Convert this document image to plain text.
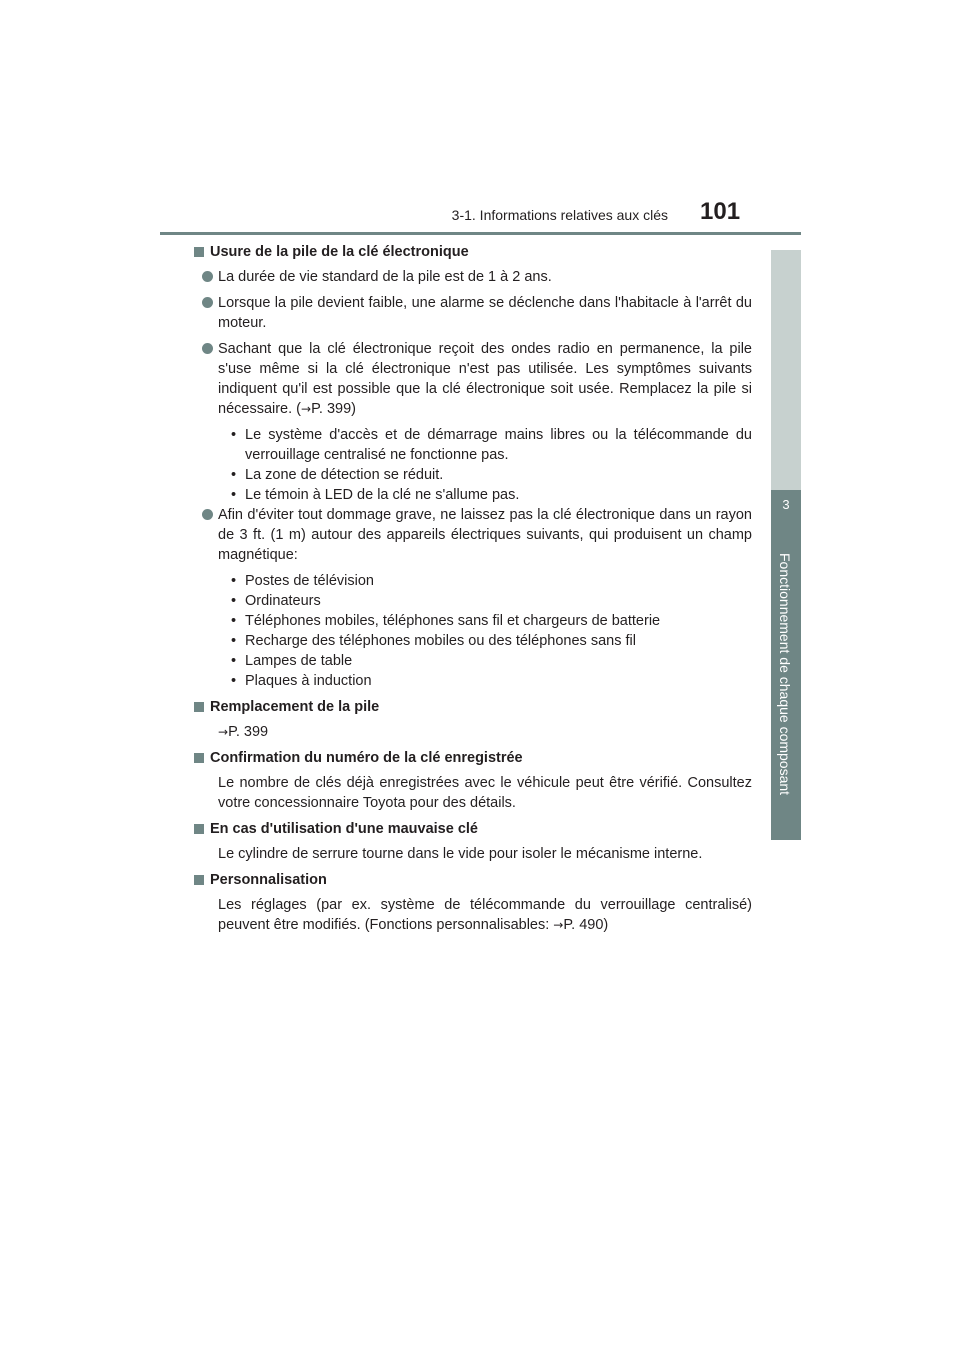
3-1. Informations relatives aux clés 101
3
Fonctionnement de chaque composant
Usure de la pile de la clé électronique
La durée de vie standard de la pile est de 1 à 2 ans.
Lorsque la pile devient faible, une alarme se déclenche dans l'habitacle à l'arrêt du moteur.
Sachant que la clé électronique reçoit des ondes radio en permanence, la pile s'use même si la clé électronique n'est pas utilisée. Les symptômes suivants indiquent qu'il est possible que la clé électronique soit usée. Remplacez la pile si nécessaire. (→P. 399)
• Le système d'accès et de démarrage mains libres ou la télécommande du verrouillage centralisé ne fonctionne pas.
• La zone de détection se réduit.
• Le témoin à LED de la clé ne s'allume pas.
Afin d'éviter tout dommage grave, ne laissez pas la clé électronique dans un rayon de 3 ft. (1 m) autour des appareils électriques suivants, qui produisent un champ magnétique:
• Postes de télévision
• Ordinateurs
• Téléphones mobiles, téléphones sans fil et chargeurs de batterie
• Recharge des téléphones mobiles ou des téléphones sans fil
• Lampes de table
• Plaques à induction
Remplacement de la pile
→P. 399
Confirmation du numéro de la clé enregistrée
Le nombre de clés déjà enregistrées avec le véhicule peut être vérifié. Consultez votre concessionnaire Toyota pour des détails.
En cas d'utilisation d'une mauvaise clé
Le cylindre de serrure tourne dans le vide pour isoler le mécanisme interne.
Personnalisation
Les réglages (par ex. système de télécommande du verrouillage centralisé) peuvent être modifiés. (Fonctions personnalisables: →P. 490)
